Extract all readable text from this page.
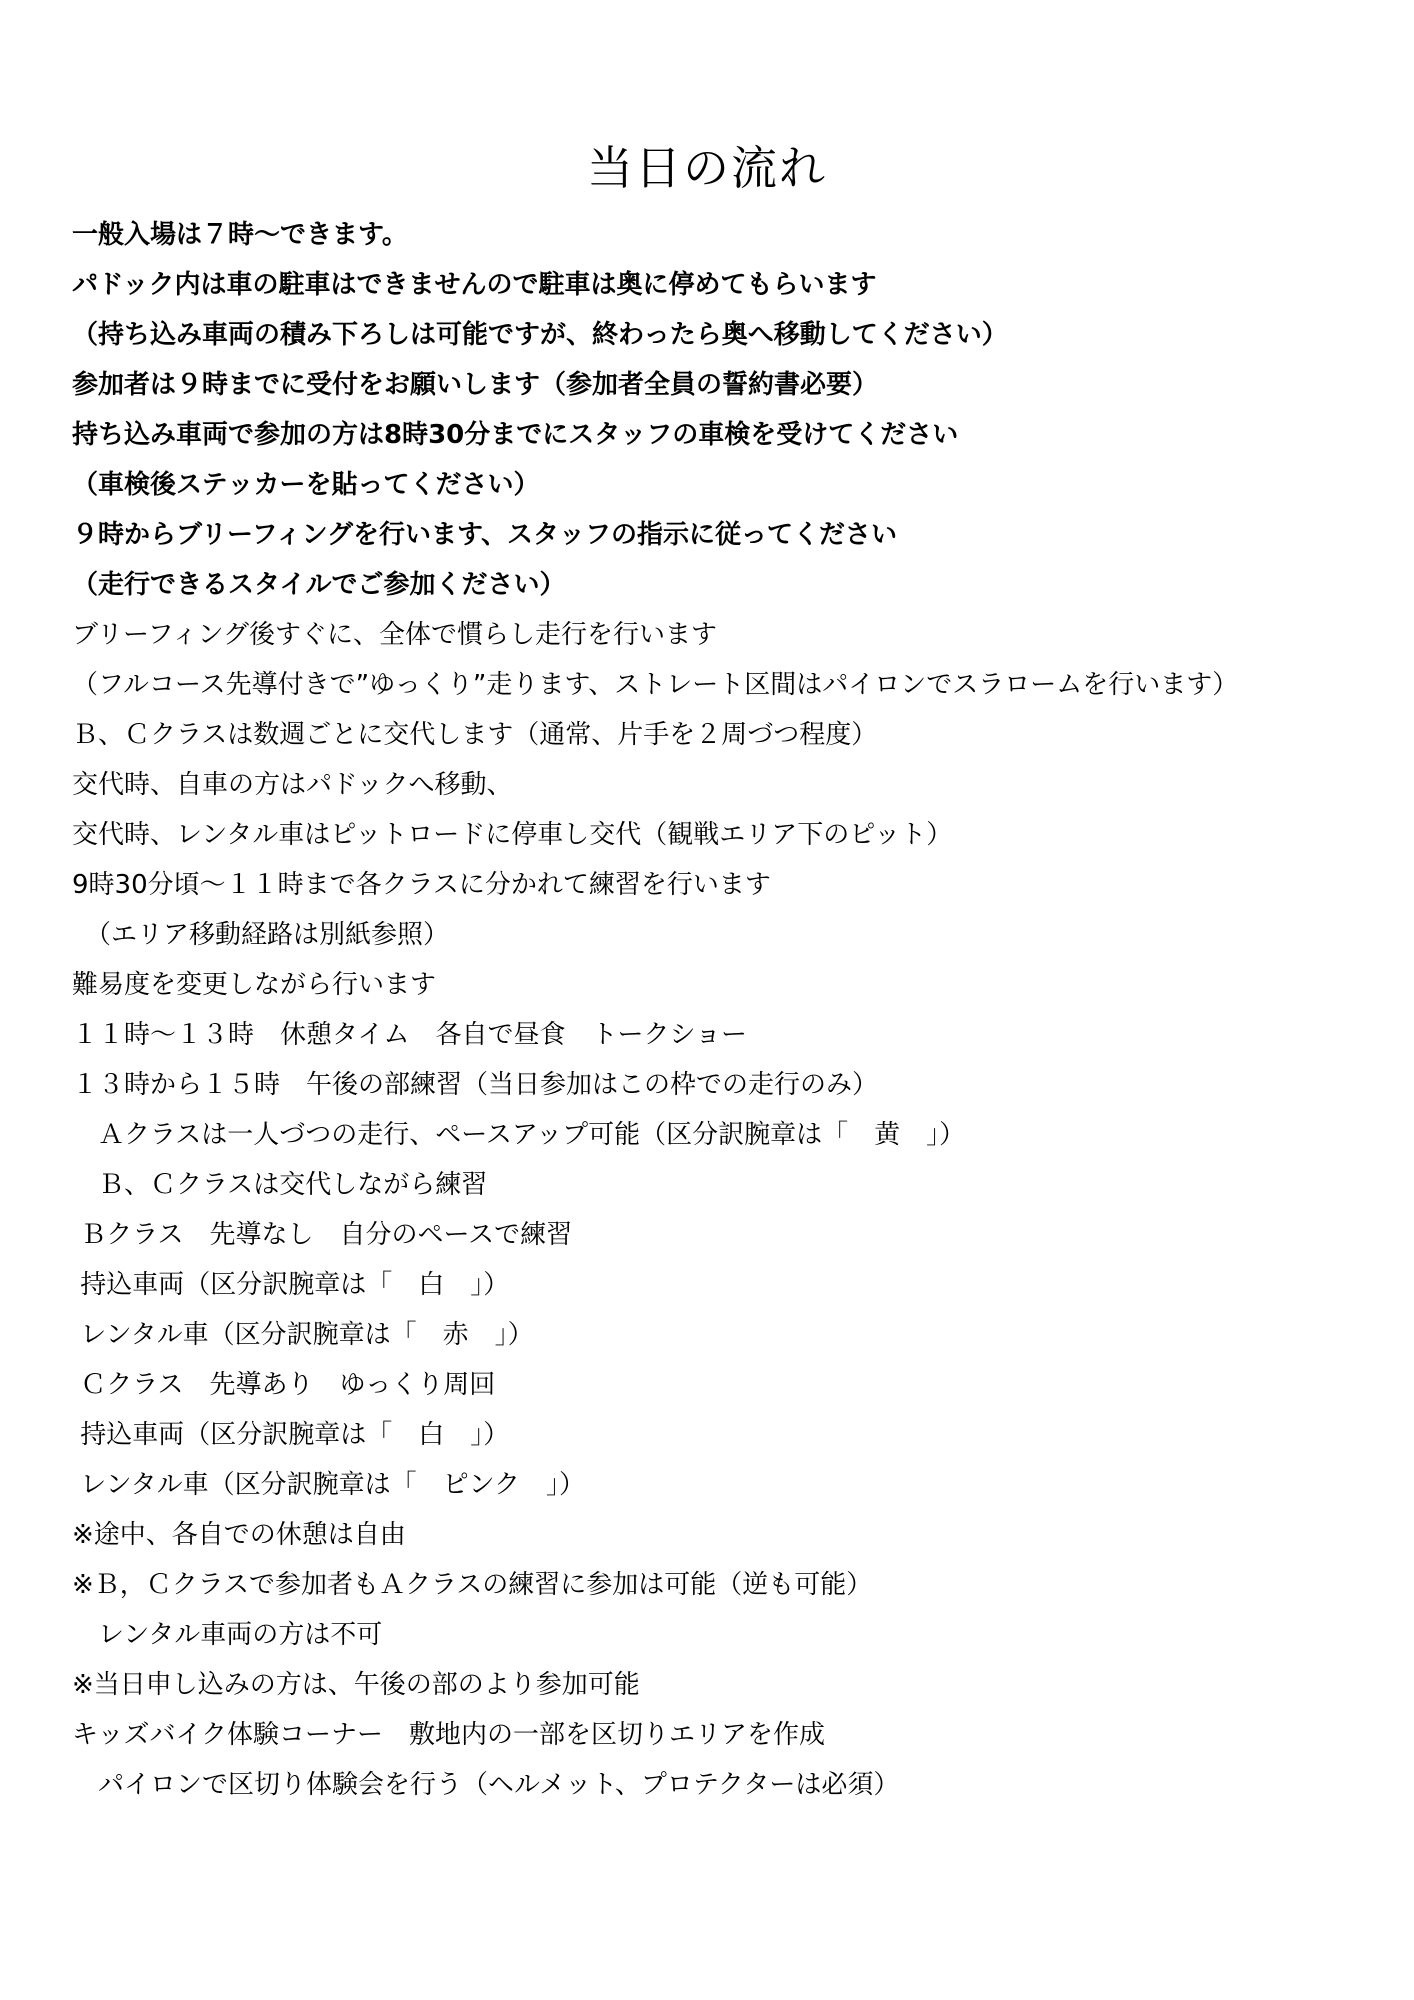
当日の流れ
一般入場は７時～できます。
パドック内は車の駐車はできませんので駐車は奥に停めてもらいます
（持ち込み車両の積み下ろしは可能ですが、終わったら奥へ移動してください）
参加者は９時までに受付をお願いします（参加者全員の誓約書必要）
持ち込み車両で参加の方は8時30分までにスタッフの車検を受けてください
（車検後ステッカーを貼ってください）
９時からブリーフィングを行います、スタッフの指示に従ってください
（走行できるスタイルでご参加ください）
ブリーフィング後すぐに、全体で慣らし走行を行います
（フルコース先導付きで”ゆっくり”走ります、ストレート区間はパイロンでスラロームを行います）
Ｂ、Ｃクラスは数週ごとに交代します（通常、片手を２周づつ程度）
交代時、自車の方はパドックへ移動、
交代時、レンタル車はピットロードに停車し交代（観戦エリア下のピット）
9時30分頃～１１時まで各クラスに分かれて練習を行います
　（エリア移動経路は別紙参照）
難易度を変更しながら行います
１１時～１３時　休憩タイム　各自で昼食　トークショー
１３時から１５時　午後の部練習（当日参加はこの枠での走行のみ）
　Ａクラスは一人づつの走行、ペースアップ可能（区分訳腕章は「　黄　」）
　Ｂ、Ｃクラスは交代しながら練習
Ｂクラス　先導なし　自分のペースで練習
持込車両（区分訳腕章は「　白　」）
レンタル車（区分訳腕章は「　赤　」）
Ｃクラス　先導あり　ゆっくり周回
持込車両（区分訳腕章は「　白　」）
レンタル車（区分訳腕章は「　ピンク　」）
※途中、各自での休憩は自由
※Ｂ，Ｃクラスで参加者もＡクラスの練習に参加は可能（逆も可能）
　レンタル車両の方は不可
※当日申し込みの方は、午後の部のより参加可能
キッズバイク体験コーナー　敷地内の一部を区切りエリアを作成
　パイロンで区切り体験会を行う（ヘルメット、プロテクターは必須）
